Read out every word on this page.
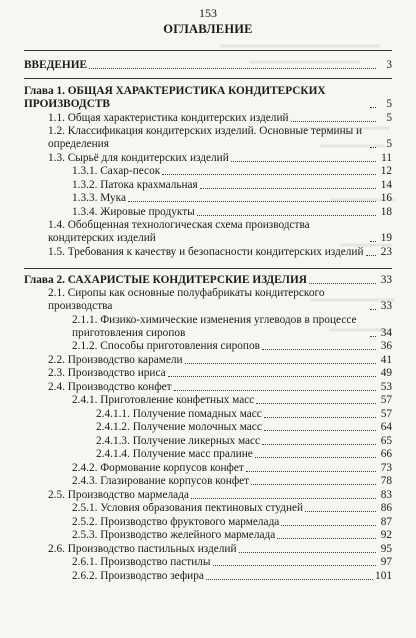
153
ОГЛАВЛЕНИЕ
ВВЕДЕНИЕ	3
Глава 1. ОБЩАЯ ХАРАКТЕРИСТИКА КОНДИТЕРСКИХ ПРОИЗВОДСТВ	5
1.1. Общая характеристика кондитерских изделий	5
1.2. Классификация кондитерских изделий. Основные термины и определения	5
1.3. Сырьё для кондитерских изделий	11
1.3.1. Сахар-песок	12
1.3.2. Патока крахмальная	14
1.3.3. Мука	16
1.3.4. Жировые продукты	18
1.4. Обобщенная технологическая схема производства кондитерских изделий	19
1.5. Требования к качеству и безопасности кондитерских изделий 23
Глава 2. САХАРИСТЫЕ КОНДИТЕРСКИЕ ИЗДЕЛИЯ	33
2.1. Сиропы как основные полуфабрикаты кондитерского производства	33
2.1.1. Физико-химические изменения углеводов в процессе приготовления сиропов	34
2.1.2. Способы приготовления сиропов	36
2.2. Производство карамели	41
2.3. Производство ириса	49
2.4. Производство конфет	53
2.4.1. Приготовление конфетных масс	57
2.4.1.1. Получение помадных масс	57
2.4.1.2. Получение молочных масс	64
2.4.1.3. Получение ликерных масс	65
2.4.1.4. Получение масс пралине	66
2.4.2. Формование корпусов конфет	73
2.4.3. Глазирование корпусов конфет	78
2.5. Производство мармелада	83
2.5.1. Условия образования пектиновых студней	86
2.5.2. Производство фруктового мармелада	87
2.5.3. Производство желейного мармелада	92
2.6. Производство пастильных изделий	95
2.6.1. Производство пастилы	97
2.6.2. Производство зефира	101
